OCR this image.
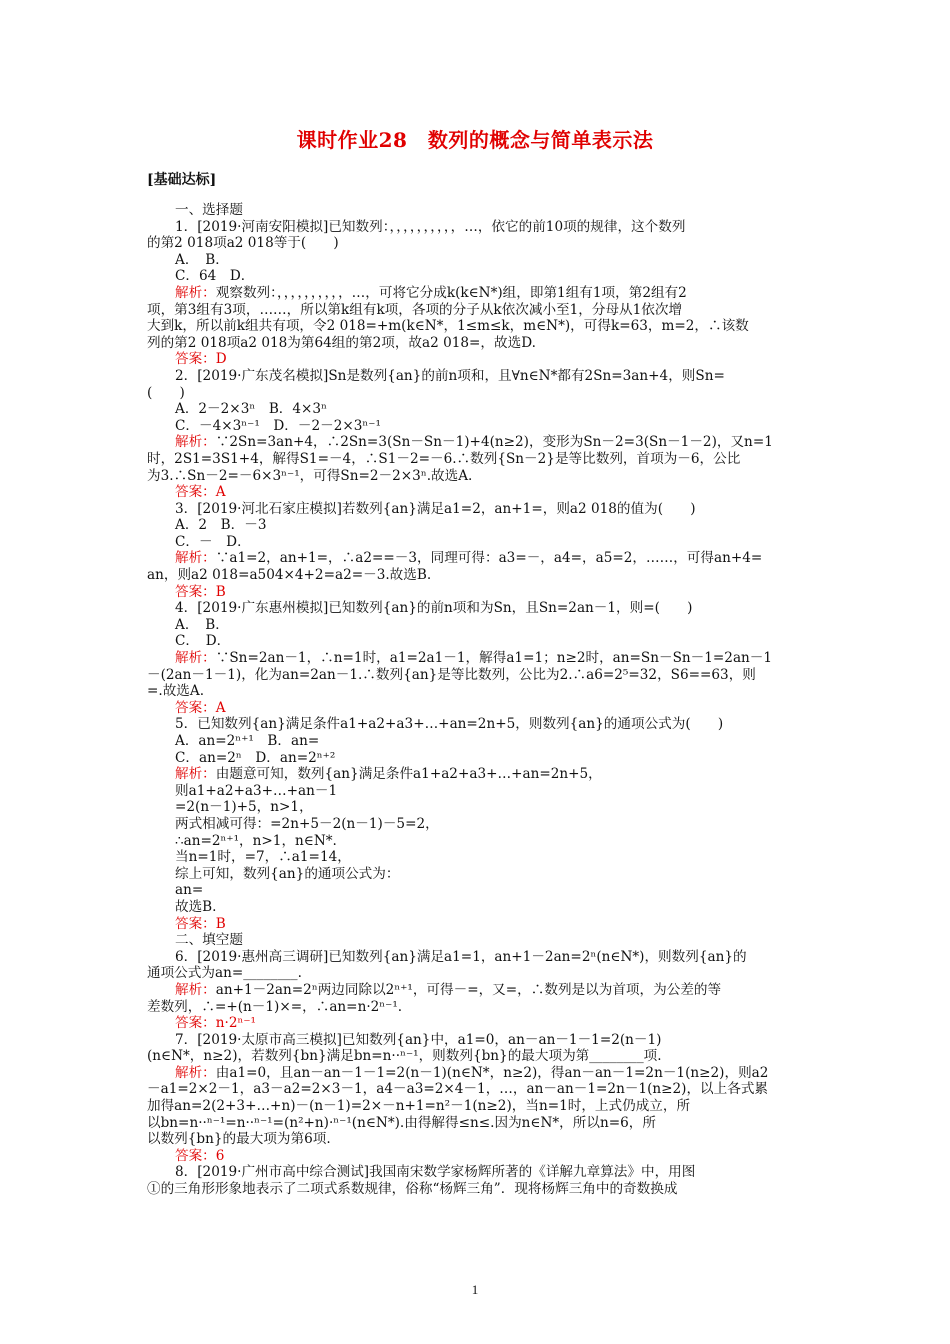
课时作业28　数列的概念与简单表示法
[基础达标]
一、选择题
1．[2019·河南安阳模拟]已知数列：，，，，，，，，，，…，依它的前10项的规律，这个数列
的第2 018项a2 018等于(　　)
A．　B．
C．64　D．
解析：观察数列：，，，，，，，，，，…，可将它分成k(k∈N*)组，即第1组有1项，第2组有2
项，第3组有3项，……，所以第k组有k项，各项的分子从k依次减小至1，分母从1依次增
大到k，所以前k组共有项，令2 018=+m(k∈N*，1≤m≤k，m∈N*)，可得k=63，m=2，∴该数
列的第2 018项a2 018为第64组的第2项，故a2 018=，故选D.
答案：D
2．[2019·广东茂名模拟]Sn是数列{an}的前n项和，且∀n∈N*都有2Sn=3an+4，则Sn=
(　　)
A．2－2×3ⁿ　B．4×3ⁿ
C．－4×3ⁿ⁻¹　D．－2－2×3ⁿ⁻¹
解析：∵2Sn=3an+4，∴2Sn=3(Sn－Sn－1)+4(n≥2)，变形为Sn－2=3(Sn－1－2)，又n=1
时，2S1=3S1+4，解得S1=－4，∴S1－2=－6.∴数列{Sn－2}是等比数列，首项为－6，公比
为3.∴Sn－2=－6×3ⁿ⁻¹，可得Sn=2－2×3ⁿ.故选A.
答案：A
3．[2019·河北石家庄模拟]若数列{an}满足a1=2，an+1=，则a2 018的值为(　　)
A．2　B．－3
C．－　D．
解析：∵a1=2，an+1=，∴a2==－3，同理可得：a3=－，a4=，a5=2，……，可得an+4=
an，则a2 018=a504×4+2=a2=－3.故选B.
答案：B
4．[2019·广东惠州模拟]已知数列{an}的前n项和为Sn，且Sn=2an－1，则=(　　)
A．　B．
C．　D．
解析：∵Sn=2an－1，∴n=1时，a1=2a1－1，解得a1=1；n≥2时，an=Sn－Sn－1=2an－1
－(2an－1－1)，化为an=2an－1.∴数列{an}是等比数列，公比为2.∴a6=2⁵=32，S6==63，则
=.故选A.
答案：A
5．已知数列{an}满足条件a1+a2+a3+…+an=2n+5，则数列{an}的通项公式为(　　)
A．an=2ⁿ⁺¹　B．an=
C．an=2ⁿ　D．an=2ⁿ⁺²
解析：由题意可知，数列{an}满足条件a1+a2+a3+…+an=2n+5，
则a1+a2+a3+…+an－1
=2(n－1)+5，n>1，
两式相减可得：=2n+5－2(n－1)－5=2，
∴an=2ⁿ⁺¹，n>1，n∈N*.
当n=1时，=7，∴a1=14，
综上可知，数列{an}的通项公式为：
an=
故选B.
答案：B
二、填空题
6．[2019·惠州高三调研]已知数列{an}满足a1=1，an+1－2an=2ⁿ(n∈N*)，则数列{an}的
通项公式为an=________.
解析：an+1－2an=2ⁿ两边同除以2ⁿ⁺¹，可得－=，又=，∴数列是以为首项，为公差的等
差数列，∴=+(n－1)×=，∴an=n·2ⁿ⁻¹.
答案：n·2ⁿ⁻¹
7．[2019·太原市高三模拟]已知数列{an}中，a1=0，an－an－1－1=2(n－1)
(n∈N*，n≥2)，若数列{bn}满足bn=n··ⁿ⁻¹，则数列{bn}的最大项为第________项.
解析：由a1=0，且an－an－1－1=2(n－1)(n∈N*，n≥2)，得an－an－1=2n－1(n≥2)，则a2
－a1=2×2－1，a3－a2=2×3－1，a4－a3=2×4－1，…，an－an－1=2n－1(n≥2)，以上各式累
加得an=2(2+3+…+n)－(n－1)=2×－n+1=n²－1(n≥2)，当n=1时，上式仍成立，所
以bn=n··ⁿ⁻¹=n··ⁿ⁻¹=(n²+n)·ⁿ⁻¹(n∈N*).由得解得≤n≤.因为n∈N*，所以n=6，所
以数列{bn}的最大项为第6项.
答案：6
8．[2019·广州市高中综合测试]我国南宋数学家杨辉所著的《详解九章算法》中，用图
①的三角形形象地表示了二项式系数规律，俗称“杨辉三角”．现将杨辉三角中的奇数换成
1
